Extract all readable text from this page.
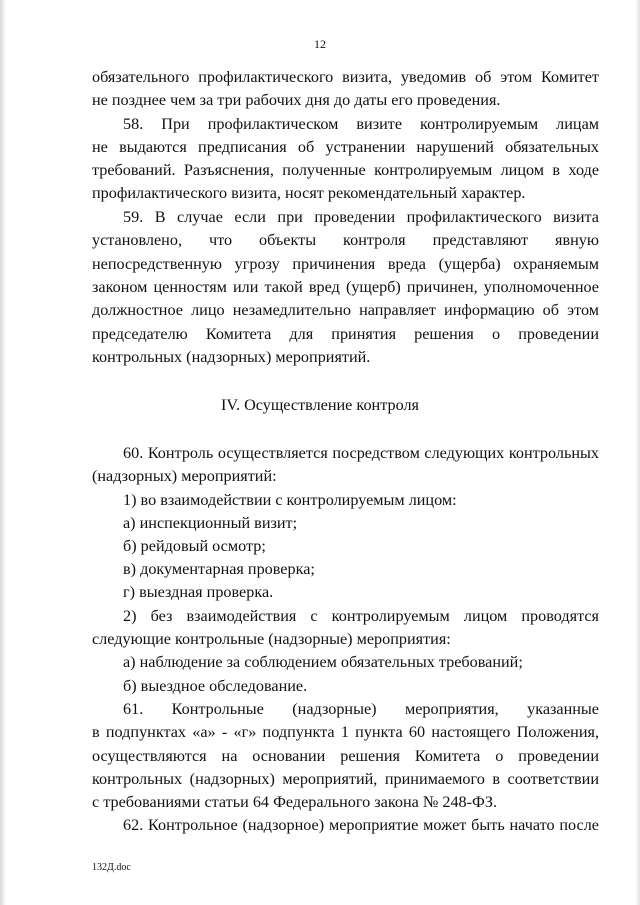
12
обязательного профилактического визита, уведомив об этом Комитет
не позднее чем за три рабочих дня до даты его проведения.
58. При профилактическом визите контролируемым лицам
не выдаются предписания об устранении нарушений обязательных
требований. Разъяснения, полученные контролируемым лицом в ходе
профилактического визита, носят рекомендательный характер.
59. В случае если при проведении профилактического визита
установлено, что объекты контроля представляют явную
непосредственную угрозу причинения вреда (ущерба) охраняемым
законом ценностям или такой вред (ущерб) причинен, уполномоченное
должностное лицо незамедлительно направляет информацию об этом
председателю Комитета для принятия решения о проведении
контрольных (надзорных) мероприятий.
IV. Осуществление контроля
60. Контроль осуществляется посредством следующих контрольных
(надзорных) мероприятий:
1) во взаимодействии с контролируемым лицом:
а) инспекционный визит;
б) рейдовый осмотр;
в) документарная проверка;
г) выездная проверка.
2) без взаимодействия с контролируемым лицом проводятся
следующие контрольные (надзорные) мероприятия:
а) наблюдение за соблюдением обязательных требований;
б) выездное обследование.
61. Контрольные (надзорные) мероприятия, указанные
в подпунктах «а» - «г» подпункта 1 пункта 60 настоящего Положения,
осуществляются на основании решения Комитета о проведении
контрольных (надзорных) мероприятий, принимаемого в соответствии
с требованиями статьи 64 Федерального закона № 248-ФЗ.
62. Контрольное (надзорное) мероприятие может быть начато после
132Д.doc
